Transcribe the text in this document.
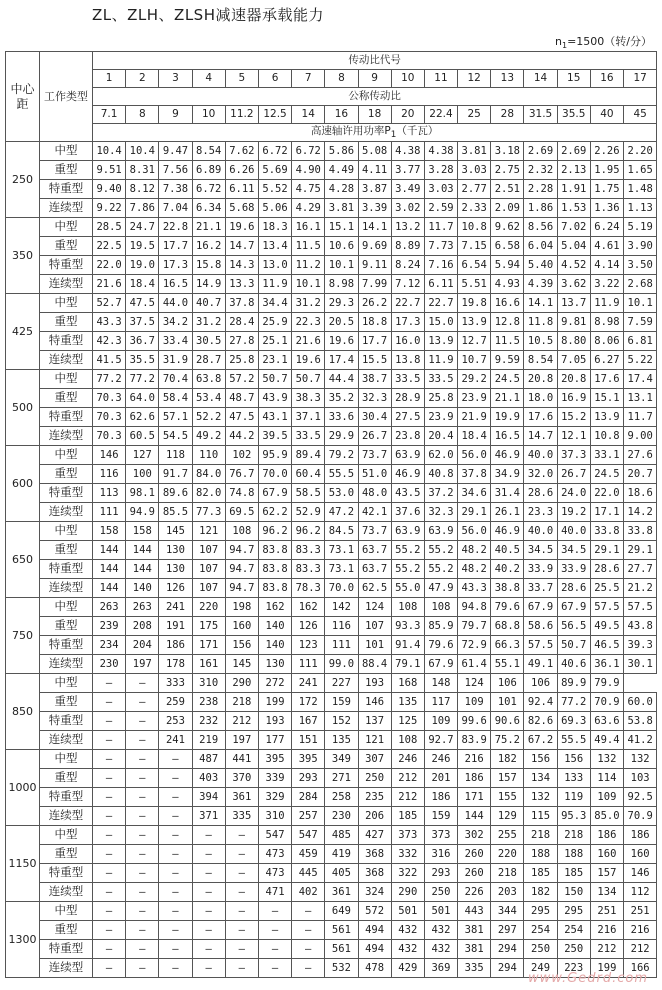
ZL、ZLH、ZLSH减速器承载能力
$n_1=1500$（转/分）
中心距	工作类型	传动比代号																
		1	2	3	4	5	6	7	8	9	10	11	12	13	14	15	16	17
		公称传动比																
		7.1	8	9	10	11.2	12.5	14	16	18	20	22.4	25	28	31.5	35.5	40	45
		高速轴许用功率$P_1$（千瓦）																

250	中型	10.4	10.4	9.47	8.54	7.62	6.72	6.72	5.86	5.08	4.38	4.38	3.81	3.18	2.69	2.69	2.26	2.20
	重型	9.51	8.31	7.56	6.89	6.26	5.69	4.90	4.49	4.11	3.77	3.28	3.03	2.75	2.32	2.13	1.95	1.65
	特重型	9.40	8.12	7.38	6.72	6.11	5.52	4.75	4.28	3.87	3.49	3.03	2.77	2.51	2.28	1.91	1.75	1.48
	连续型	9.22	7.86	7.04	6.34	5.68	5.06	4.29	3.81	3.39	3.02	2.59	2.33	2.09	1.86	1.53	1.36	1.13
350	中型	28.5	24.7	22.8	21.1	19.6	18.3	16.1	15.1	14.1	13.2	11.7	10.8	9.62	8.56	7.02	6.24	5.19
	重型	22.5	19.5	17.7	16.2	14.7	13.4	11.5	10.6	9.69	8.89	7.73	7.15	6.58	6.04	5.04	4.61	3.90
	特重型	22.0	19.0	17.3	15.8	14.3	13.0	11.2	10.1	9.11	8.24	7.16	6.54	5.94	5.40	4.52	4.14	3.50
	连续型	21.6	18.4	16.5	14.9	13.3	11.9	10.1	8.98	7.99	7.12	6.11	5.51	4.93	4.39	3.62	3.22	2.68
425	中型	52.7	47.5	44.0	40.7	37.8	34.4	31.2	29.3	26.2	22.7	22.7	19.8	16.6	14.1	13.7	11.9	10.1
	重型	43.3	37.5	34.2	31.2	28.4	25.9	22.3	20.5	18.8	17.3	15.0	13.9	12.8	11.8	9.81	8.98	7.59
	特重型	42.3	36.7	33.4	30.5	27.8	25.1	21.6	19.6	17.7	16.0	13.9	12.7	11.5	10.5	8.80	8.06	6.81
	连续型	41.5	35.5	31.9	28.7	25.8	23.1	19.6	17.4	15.5	13.8	11.9	10.7	9.59	8.54	7.05	6.27	5.22
500	中型	77.2	77.2	70.4	63.8	57.2	50.7	50.7	44.4	38.7	33.5	33.5	29.2	24.5	20.8	20.8	17.6	17.4
	重型	70.3	64.0	58.4	53.4	48.7	43.9	38.3	35.2	32.3	28.9	25.8	23.9	21.1	18.0	16.9	15.1	13.1
	特重型	70.3	62.6	57.1	52.2	47.5	43.1	37.1	33.6	30.4	27.5	23.9	21.9	19.9	17.6	15.2	13.9	11.7
	连续型	70.3	60.5	54.5	49.2	44.2	39.5	33.5	29.9	26.7	23.8	20.4	18.4	16.5	14.7	12.1	10.8	9.00
600	中型	146	127	118	110	102	95.9	89.4	79.2	73.7	63.9	62.0	56.0	46.9	40.0	37.3	33.1	27.6
	重型	116	100	91.7	84.0	76.7	70.0	60.4	55.5	51.0	46.9	40.8	37.8	34.9	32.0	26.7	24.5	20.7
	特重型	113	98.1	89.6	82.0	74.8	67.9	58.5	53.0	48.0	43.5	37.2	34.6	31.4	28.6	24.0	22.0	18.6
	连续型	111	94.9	85.5	77.3	69.5	62.2	52.9	47.2	42.1	37.6	32.3	29.1	26.1	23.3	19.2	17.1	14.2
650	中型	158	158	145	121	108	96.2	96.2	84.5	73.7	63.9	63.9	56.0	46.9	40.0	40.0	33.8	33.8
	重型	144	144	130	107	94.7	83.8	83.3	73.1	63.7	55.2	55.2	48.2	40.5	34.5	34.5	29.1	29.1
	特重型	144	144	130	107	94.7	83.8	83.3	73.1	63.7	55.2	55.2	48.2	40.2	33.9	33.9	28.6	27.7
	连续型	144	140	126	107	94.7	83.8	78.3	70.0	62.5	55.0	47.9	43.3	38.8	33.7	28.6	25.5	21.2
750	中型	263	263	241	220	198	162	162	142	124	108	108	94.8	79.6	67.9	67.9	57.5	57.5
	重型	239	208	191	175	160	140	126	116	107	93.3	85.9	79.7	68.8	58.6	56.5	49.5	43.8
	特重型	234	204	186	171	156	140	123	111	101	91.4	79.6	72.9	66.3	57.5	50.7	46.5	39.3
	连续型	230	197	178	161	145	130	111	99.0	88.4	79.1	67.9	61.4	55.1	49.1	40.6	36.1	30.1
850	中型	—	—	333	310	290	272	241	227	193	168	148	124	106	106	89.9	79.9	
	重型	—	—	259	238	218	199	172	159	146	135	117	109	101	92.4	77.2	70.9	60.0
	特重型	—	—	253	232	212	193	167	152	137	125	109	99.6	90.6	82.6	69.3	63.6	53.8
	连续型	—	—	241	219	197	177	151	135	121	108	92.7	83.9	75.2	67.2	55.5	49.4	41.2
1000	中型	—	—	—	487	441	395	395	349	307	246	246	216	182	156	156	132	132
	重型	—	—	—	403	370	339	293	271	250	212	201	186	157	134	133	114	103
	特重型	—	—	—	394	361	329	284	258	235	212	186	171	155	132	119	109	92.5
	连续型	—	—	—	371	335	310	257	230	206	185	159	144	129	115	95.3	85.0	70.9
1150	中型	—	—	—	—	—	547	547	485	427	373	373	302	255	218	218	186	186
	重型	—	—	—	—	—	473	459	419	368	332	316	260	220	188	188	160	160
	特重型	—	—	—	—	—	473	445	405	368	322	293	260	218	185	185	157	146
	连续型	—	—	—	—	—	471	402	361	324	290	250	226	203	182	150	134	112
1300	中型	—	—	—	—	—	—	—	649	572	501	501	443	344	295	295	251	251
	重型	—	—	—	—	—	—	—	561	494	432	432	381	297	254	254	216	216
	特重型	—	—	—	—	—	—	—	561	494	432	432	381	294	250	250	212	212
	连续型	—	—	—	—	—	—	—	532	478	429	369	335	294	249	223	199	166
www.Gedrd.com
